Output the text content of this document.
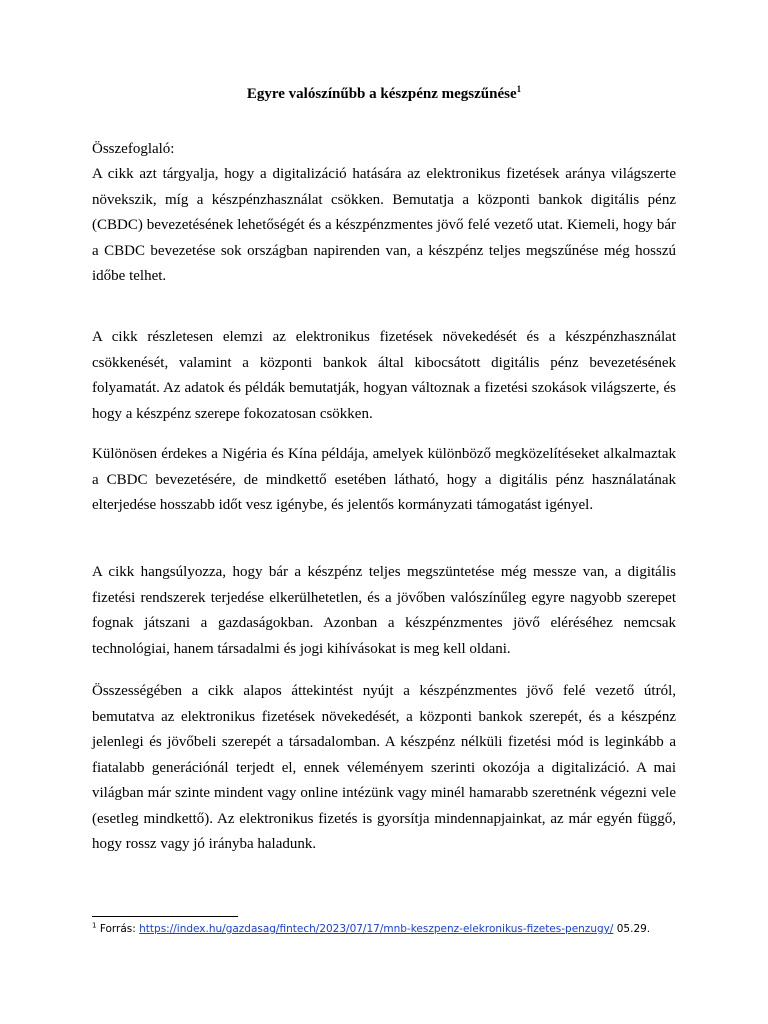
Egyre valószínűbb a készpénz megszűnése$^1$
Összefoglaló:
A cikk azt tárgyalja, hogy a digitalizáció hatására az elektronikus fizetések aránya világszerte növekszik, míg a készpénzhasználat csökken. Bemutatja a központi bankok digitális pénz (CBDC) bevezetésének lehetőségét és a készpénzmentes jövő felé vezető utat. Kiemeli, hogy bár a CBDC bevezetése sok országban napirenden van, a készpénz teljes megszűnése még hosszú időbe telhet.
A cikk részletesen elemzi az elektronikus fizetések növekedését és a készpénzhasználat csökkenését, valamint a központi bankok által kibocsátott digitális pénz bevezetésének folyamatát. Az adatok és példák bemutatják, hogyan változnak a fizetési szokások világszerte, és hogy a készpénz szerepe fokozatosan csökken.
Különösen érdekes a Nigéria és Kína példája, amelyek különböző megközelítéseket alkalmaztak a CBDC bevezetésére, de mindkettő esetében látható, hogy a digitális pénz használatának elterjedése hosszabb időt vesz igénybe, és jelentős kormányzati támogatást igényel.
A cikk hangsúlyozza, hogy bár a készpénz teljes megszüntetése még messze van, a digitális fizetési rendszerek terjedése elkerülhetetlen, és a jövőben valószínűleg egyre nagyobb szerepet fognak játszani a gazdaságokban. Azonban a készpénzmentes jövő eléréséhez nemcsak technológiai, hanem társadalmi és jogi kihívásokat is meg kell oldani.
Összességében a cikk alapos áttekintést nyújt a készpénzmentes jövő felé vezető útról, bemutatva az elektronikus fizetések növekedését, a központi bankok szerepét, és a készpénz jelenlegi és jövőbeli szerepét a társadalomban. A készpénz nélküli fizetési mód is leginkább a fiatalabb generációnál terjedt el, ennek véleményem szerinti okozója a digitalizáció. A mai világban már szinte mindent vagy online intézünk vagy minél hamarabb szeretnénk végezni vele (esetleg mindkettő). Az elektronikus fizetés is gyorsítja mindennapjainkat, az már egyén függő, hogy rossz vagy jó irányba haladunk.
$^1$ Forrás: https://index.hu/gazdasag/fintech/2023/07/17/mnb-keszpenz-elekronikus-fizetes-penzugy/ 05.29.
